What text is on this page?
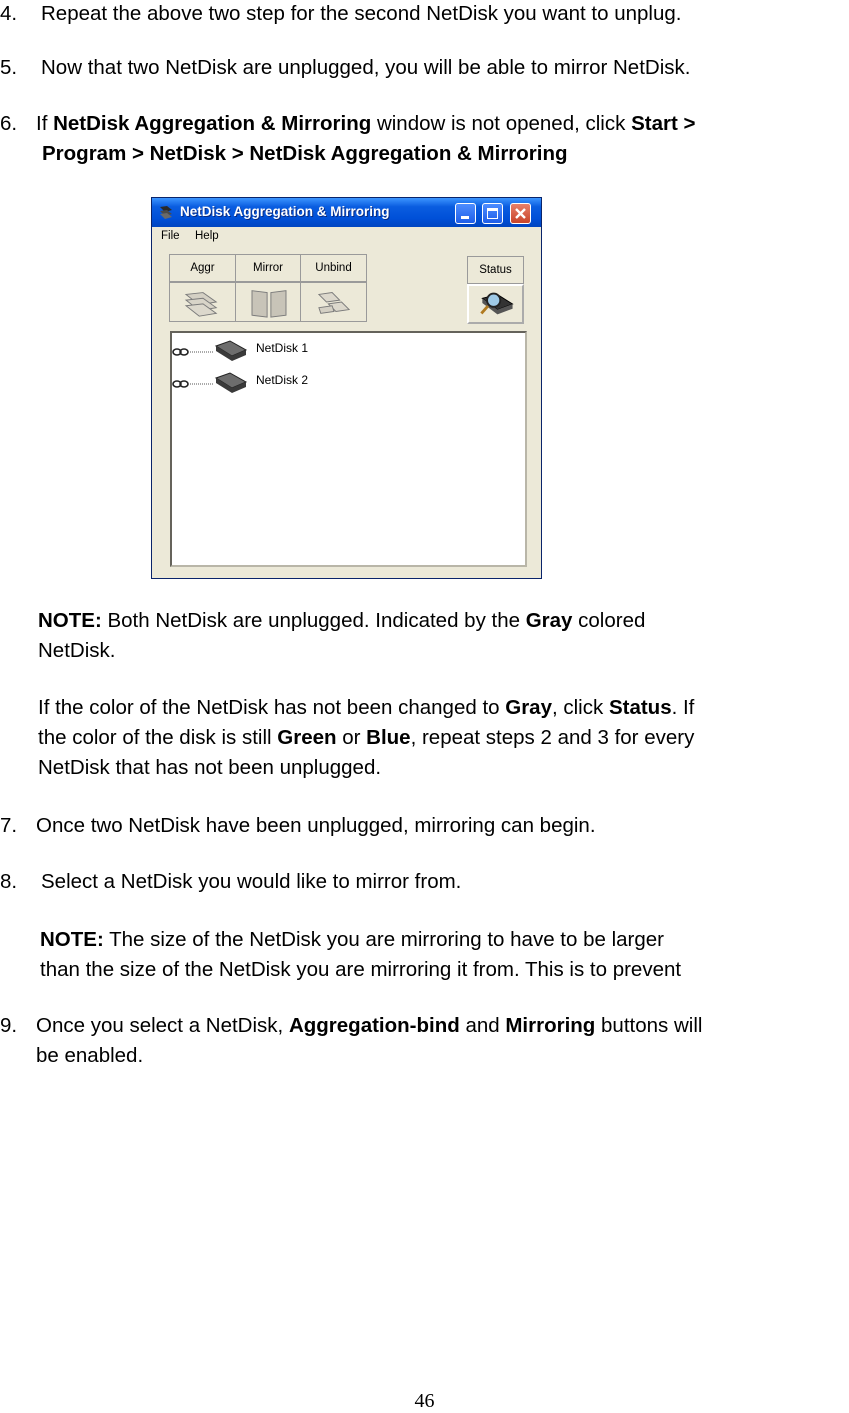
4. Repeat the above two step for the second NetDisk you want to unplug.
5. Now that two NetDisk are unplugged, you will be able to mirror NetDisk.
6. If NetDisk Aggregation & Mirroring window is not opened, click Start >
Program > NetDisk > NetDisk Aggregation & Mirroring
NetDisk Aggregation & Mirroring
File Help
Aggr	Mirror	Unbind	Status
NetDisk 1
NetDisk 2
NOTE: Both NetDisk are unplugged. Indicated by the Gray colored
NetDisk.
If the color of the NetDisk has not been changed to Gray, click Status. If
the color of the disk is still Green or Blue, repeat steps 2 and 3 for every
NetDisk that has not been unplugged.
7. Once two NetDisk have been unplugged, mirroring can begin.
8. Select a NetDisk you would like to mirror from.
NOTE: The size of the NetDisk you are mirroring to have to be larger
than the size of the NetDisk you are mirroring it from. This is to prevent
9. Once you select a NetDisk, Aggregation-bind and Mirroring buttons will
be enabled.
46
